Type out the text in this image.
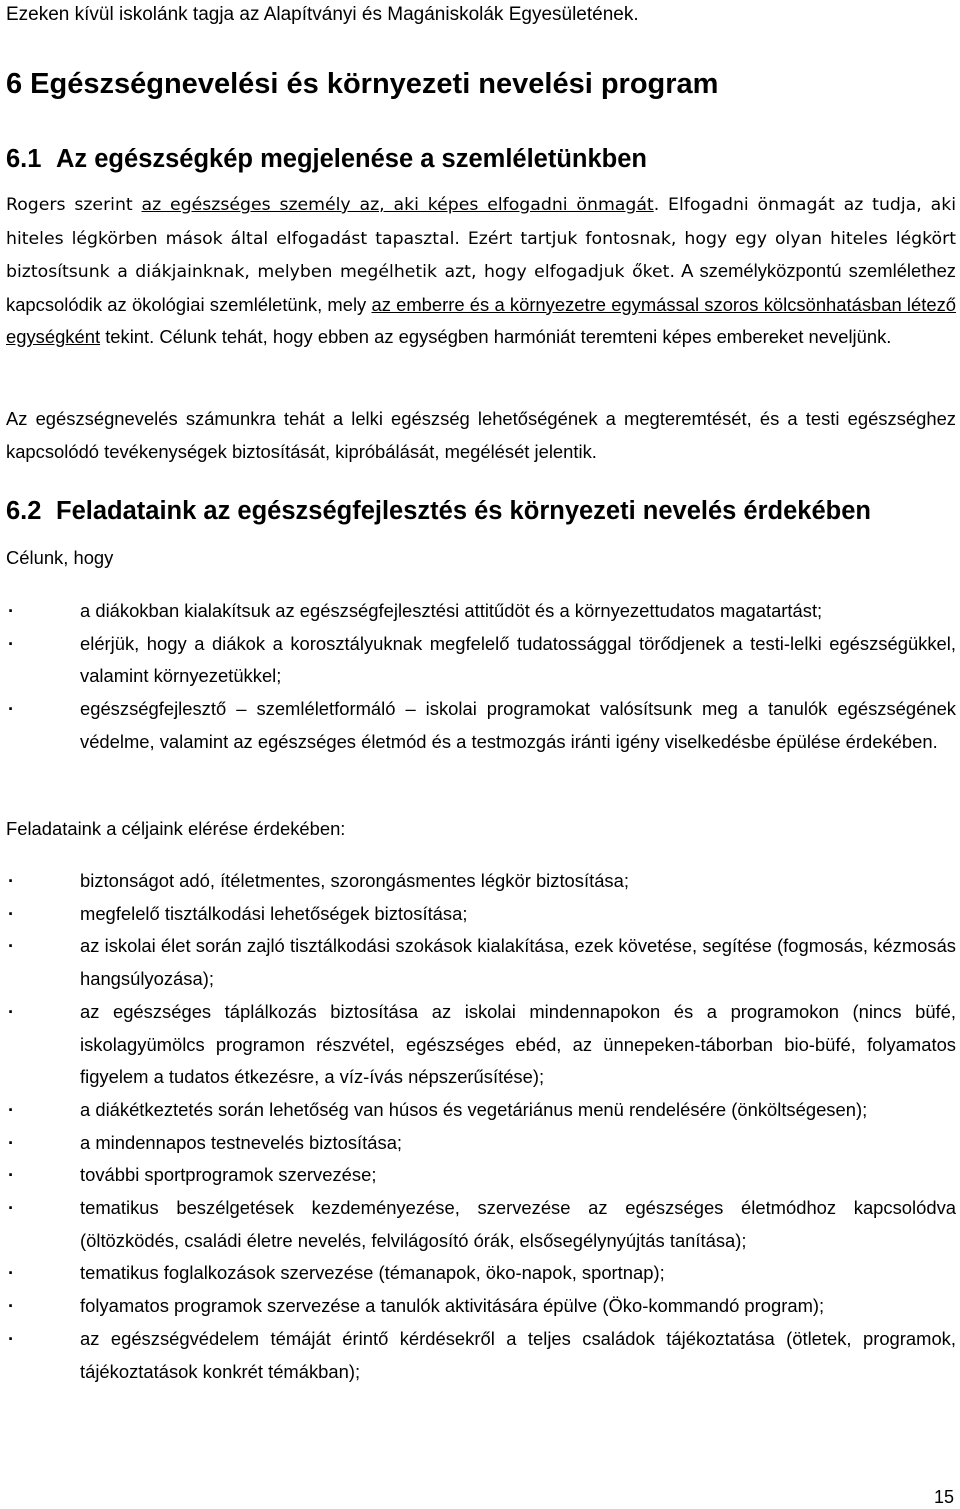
Ezeken kívül iskolánk tagja az Alapítványi és Magániskolák Egyesületének.
6 Egészségnevelési és környezeti nevelési program
6.1 Az egészségkép megjelenése a szemléletünkben

Rogers szerint az egészséges személy az, aki képes elfogadni önmagát. Elfogadni önmagát az tudja, aki hiteles légkörben mások által elfogadást tapasztal. Ezért tartjuk fontosnak, hogy egy olyan hiteles légkört biztosítsunk a diákjainknak, melyben megélhetik azt, hogy elfogadjuk őket. A személyközpontú szemlélethez kapcsolódik az ökológiai szemléletünk, mely az emberre és a környezetre egymással szoros kölcsönhatásban létező egységként tekint. Célunk tehát, hogy ebben az egységben harmóniát teremteni képes embereket neveljünk.

Az egészségnevelés számunkra tehát a lelki egészség lehetőségének a megteremtését, és a testi egészséghez kapcsolódó tevékenységek biztosítását, kipróbálását, megélését jelentik.

6.2 Feladataink az egészségfejlesztés és környezeti nevelés érdekében

Célunk, hogy

· a diákokban kialakítsuk az egészségfejlesztési attitűdöt és a környezettudatos magatartást;
· elérjük, hogy a diákok a korosztályuknak megfelelő tudatossággal törődjenek a testi-lelki egészségükkel, valamint környezetükkel;
· egészségfejlesztő – szemléletformáló – iskolai programokat valósítsunk meg a tanulók egészségének védelme, valamint az egészséges életmód és a testmozgás iránti igény viselkedésbe épülése érdekében.

Feladataink a céljaink elérése érdekében:

· biztonságot adó, ítéletmentes, szorongásmentes légkör biztosítása;
· megfelelő tisztálkodási lehetőségek biztosítása;
· az iskolai élet során zajló tisztálkodási szokások kialakítása, ezek követése, segítése (fogmosás, kézmosás hangsúlyozása);
· az egészséges táplálkozás biztosítása az iskolai mindennapokon és a programokon (nincs büfé, iskolagyümölcs programon részvétel, egészséges ebéd, az ünnepeken-táborban bio-büfé, folyamatos figyelem a tudatos étkezésre, a víz-ívás népszerűsítése);
· a diákétkeztetés során lehetőség van húsos és vegetáriánus menü rendelésére (önköltségesen);
· a mindennapos testnevelés biztosítása;
· további sportprogramok szervezése;
· tematikus beszélgetések kezdeményezése, szervezése az egészséges életmódhoz kapcsolódva (öltözködés, családi életre nevelés, felvilágosító órák, elsősegélynyújtás tanítása);
· tematikus foglalkozások szervezése (témanapok, öko-napok, sportnap);
· folyamatos programok szervezése a tanulók aktivitására épülve (Öko-kommandó program);
· az egészségvédelem témáját érintő kérdésekről a teljes családok tájékoztatása (ötletek, programok, tájékoztatások konkrét témákban);
15
